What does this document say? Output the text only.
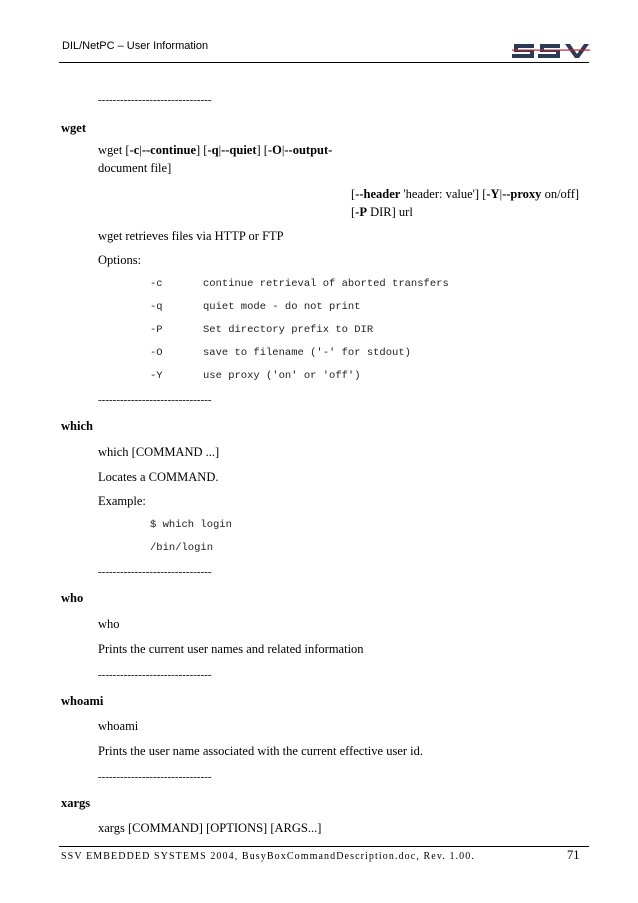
DIL/NetPC – User Information
-------------------------------
wget
wget [-c|--continue] [-q|--quiet] [-O|--output-
document file]
[--header 'header: value'] [-Y|--proxy on/off]
[-P DIR] url
wget retrieves files via HTTP or FTP
Options:
-c	continue retrieval of aborted transfers
-q	quiet mode - do not print
-P	Set directory prefix to DIR
-O	save to filename ('-' for stdout)
-Y	use proxy ('on' or 'off')
-------------------------------
which
which [COMMAND ...]
Locates a COMMAND.
Example:
$ which login
/bin/login
-------------------------------
who
who
Prints the current user names and related information
-------------------------------
whoami
whoami
Prints the user name associated with the current effective user id.
-------------------------------
xargs
xargs [COMMAND] [OPTIONS] [ARGS...]
SSV EMBEDDED SYSTEMS 2004, BusyBoxCommandDescription.doc, Rev. 1.00.	71
